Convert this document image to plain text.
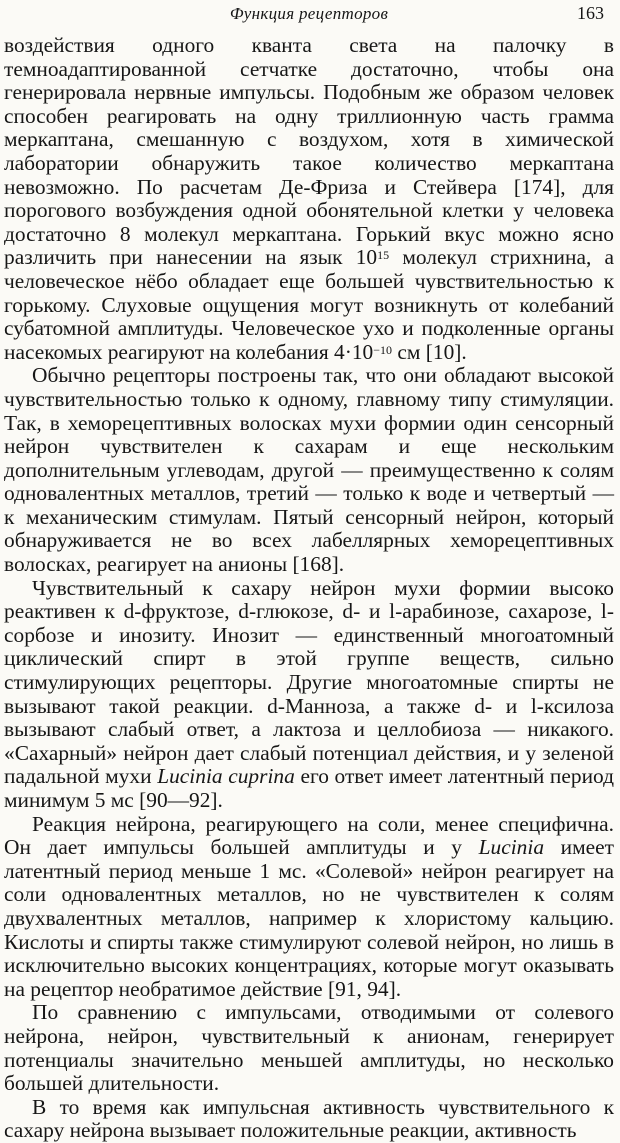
Функция рецепторов	163

воздействия одного кванта света на палочку в темноадаптированной сетчатке достаточно, чтобы она генерировала нервные импульсы. Подобным же образом человек способен реагировать на одну триллионную часть грамма меркаптана, смешанную с воздухом, хотя в химической лаборатории обнаружить такое количество меркаптана невозможно. По расчетам Де-Фриза и Стейвера [174], для порогового возбуждения одной обонятельной клетки у человека достаточно 8 молекул меркаптана. Горький вкус можно ясно различить при нанесении на язык $10^{15}$ молекул стрихнина, а человеческое нёбо обладает еще большей чувствительностью к горькому. Слуховые ощущения могут возникнуть от колебаний субатомной амплитуды. Человеческое ухо и подколенные органы насекомых реагируют на колебания $4\cdot 10^{-10}$ см [10].

Обычно рецепторы построены так, что они обладают высокой чувствительностью только к одному, главному типу стимуляции. Так, в хеморецептивных волосках мухи формии один сенсорный нейрон чувствителен к сахарам и еще нескольким дополнительным углеводам, другой — преимущественно к солям одновалентных металлов, третий — только к воде и четвертый — к механическим стимулам. Пятый сенсорный нейрон, который обнаруживается не во всех лабеллярных хеморецептивных волосках, реагирует на анионы [168].

Чувствительный к сахару нейрон мухи формии высоко реактивен к d-фруктозе, d-глюкозе, d- и l-арабинозе, сахарозе, l-сорбозе и инозиту. Инозит — единственный многоатомный циклический спирт в этой группе веществ, сильно стимулирующих рецепторы. Другие многоатомные спирты не вызывают такой реакции. d-Манноза, а также d- и l-ксилоза вызывают слабый ответ, а лактоза и целлобиоза — никакого. «Сахарный» нейрон дает слабый потенциал действия, и у зеленой падальной мухи Lucinia cuprina его ответ имеет латентный период минимум 5 мс [90—92].

Реакция нейрона, реагирующего на соли, менее специфична. Он дает импульсы большей амплитуды и у Lucinia имеет латентный период меньше 1 мс. «Солевой» нейрон реагирует на соли одновалентных металлов, но не чувствителен к солям двухвалентных металлов, например к хлористому кальцию. Кислоты и спирты также стимулируют солевой нейрон, но лишь в исключительно высоких концентрациях, которые могут оказывать на рецептор необратимое действие [91, 94].

По сравнению с импульсами, отводимыми от солевого нейрона, нейрон, чувствительный к анионам, генерирует потенциалы значительно меньшей амплитуды, но несколько большей длительности.

В то время как импульсная активность чувствительного к сахару нейрона вызывает положительные реакции, активность
